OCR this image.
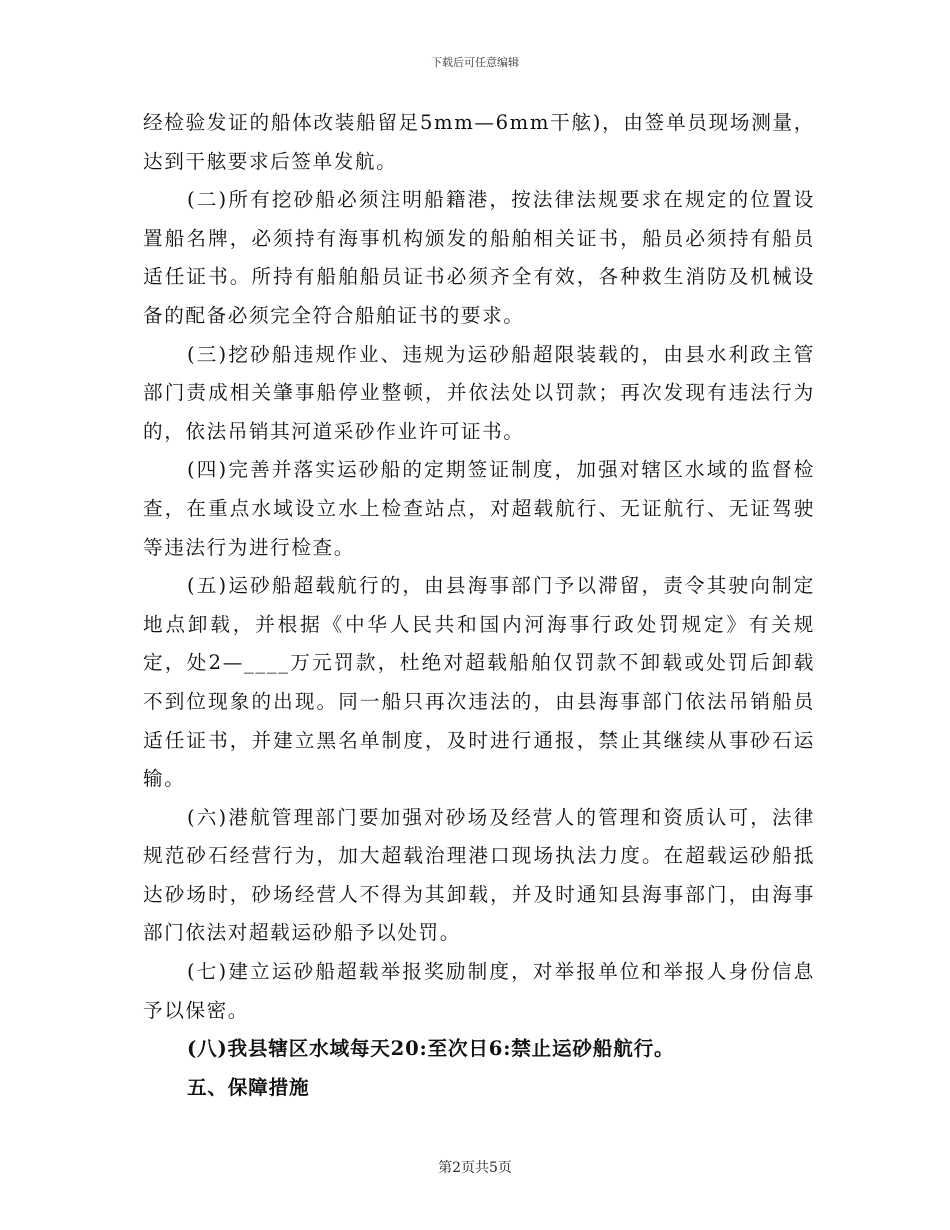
下载后可任意编辑

经检验发证的船体改装船留足5mm—6mm干舷)，由签单员现场测量，达到干舷要求后签单发航。

(二)所有挖砂船必须注明船籍港，按法律法规要求在规定的位置设置船名牌，必须持有海事机构颁发的船舶相关证书，船员必须持有船员适任证书。所持有船舶船员证书必须齐全有效，各种救生消防及机械设备的配备必须完全符合船舶证书的要求。

(三)挖砂船违规作业、违规为运砂船超限装载的，由县水利政主管部门责成相关肇事船停业整顿，并依法处以罚款；再次发现有违法行为的，依法吊销其河道采砂作业许可证书。

(四)完善并落实运砂船的定期签证制度，加强对辖区水域的监督检查，在重点水域设立水上检查站点，对超载航行、无证航行、无证驾驶等违法行为进行检查。

(五)运砂船超载航行的，由县海事部门予以滞留，责令其驶向制定地点卸载，并根据《中华人民共和国内河海事行政处罚规定》有关规定，处2—____万元罚款，杜绝对超载船舶仅罚款不卸载或处罚后卸载不到位现象的出现。同一船只再次违法的，由县海事部门依法吊销船员适任证书，并建立黑名单制度，及时进行通报，禁止其继续从事砂石运输。

(六)港航管理部门要加强对砂场及经营人的管理和资质认可，法律规范砂石经营行为，加大超载治理港口现场执法力度。在超载运砂船抵达砂场时，砂场经营人不得为其卸载，并及时通知县海事部门，由海事部门依法对超载运砂船予以处罚。

(七)建立运砂船超载举报奖励制度，对举报单位和举报人身份信息予以保密。

(八)我县辖区水域每天20:至次日6:禁止运砂船航行。

五、保障措施

第2页共5页
